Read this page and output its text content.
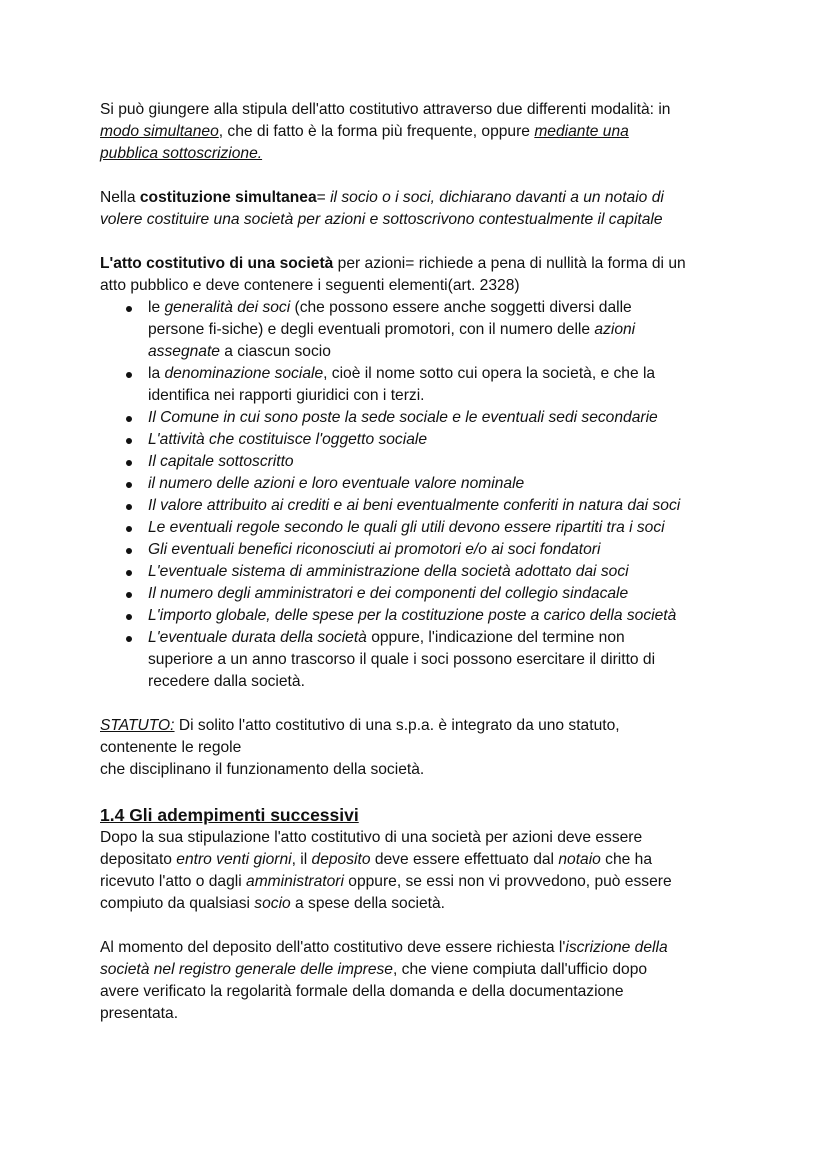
Si può giungere alla stipula dell'atto costitutivo attraverso due differenti modalità: in
modo simultaneo, che di fatto è la forma più frequente, oppure mediante una
pubblica sottoscrizione.
Nella costituzione simultanea= il socio o i soci, dichiarano davanti a un notaio di
volere costituire una società per azioni e sottoscrivono contestualmente il capitale
L'atto costitutivo di una società per azioni= richiede a pena di nullità la forma di un
atto pubblico e deve contenere i seguenti elementi(art. 2328)
le generalità dei soci (che possono essere anche soggetti diversi dalle
persone fi-siche) e degli eventuali promotori, con il numero delle azioni
assegnate a ciascun socio
la denominazione sociale, cioè il nome sotto cui opera la società, e che la
identifica nei rapporti giuridici con i terzi.
Il Comune in cui sono poste la sede sociale e le eventuali sedi secondarie
L'attività che costituisce l'oggetto sociale
Il capitale sottoscritto
il numero delle azioni e loro eventuale valore nominale
Il valore attribuito ai crediti e ai beni eventualmente conferiti in natura dai soci
Le eventuali regole secondo le quali gli utili devono essere ripartiti tra i soci
Gli eventuali benefici riconosciuti ai promotori e/o ai soci fondatori
L'eventuale sistema di amministrazione della società adottato dai soci
Il numero degli amministratori e dei componenti del collegio sindacale
L'importo globale, delle spese per la costituzione poste a carico della società
L'eventuale durata della società oppure, l'indicazione del termine non
superiore a un anno trascorso il quale i soci possono esercitare il diritto di
recedere dalla società.
STATUTO: Di solito l'atto costitutivo di una s.p.a. è integrato da uno statuto,
contenente le regole
che disciplinano il funzionamento della società.
1.4 Gli adempimenti successivi
Dopo la sua stipulazione l'atto costitutivo di una società per azioni deve essere
depositato entro venti giorni, il deposito deve essere effettuato dal notaio che ha
ricevuto l'atto o dagli amministratori oppure, se essi non vi provvedono, può essere
compiuto da qualsiasi socio a spese della società.
Al momento del deposito dell'atto costitutivo deve essere richiesta l'iscrizione della
società nel registro generale delle imprese, che viene compiuta dall'ufficio dopo
avere verificato la regolarità formale della domanda e della documentazione
presentata.
